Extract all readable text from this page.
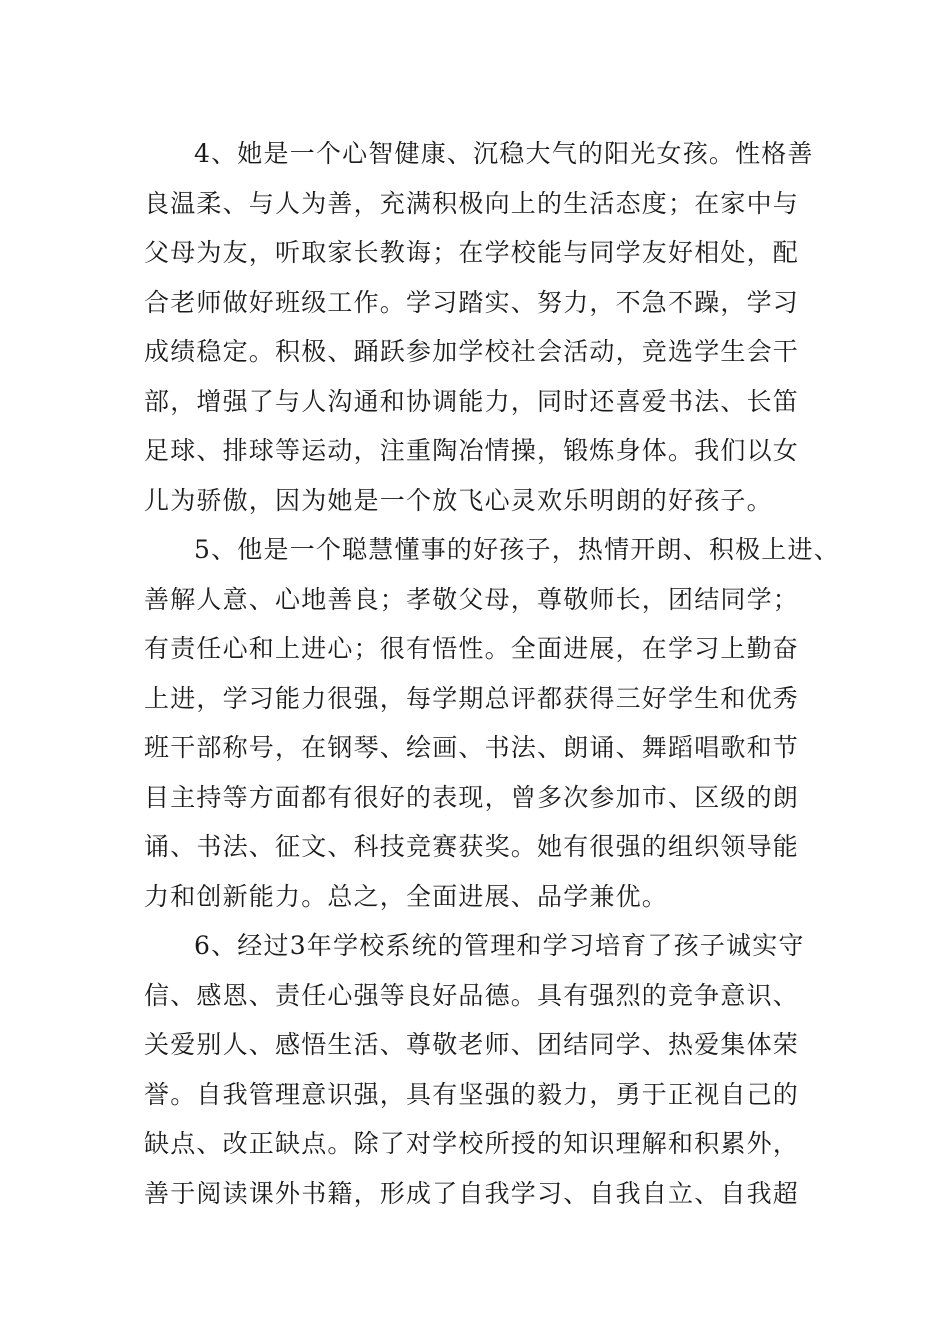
4、她是一个心智健康、沉稳大气的阳光女孩。性格善
良温柔、与人为善，充满积极向上的生活态度；在家中与
父母为友，听取家长教诲；在学校能与同学友好相处，配
合老师做好班级工作。学习踏实、努力，不急不躁，学习
成绩稳定。积极、踊跃参加学校社会活动，竞选学生会干
部，增强了与人沟通和协调能力，同时还喜爱书法、长笛
足球、排球等运动，注重陶冶情操，锻炼身体。我们以女
儿为骄傲，因为她是一个放飞心灵欢乐明朗的好孩子。
5、他是一个聪慧懂事的好孩子，热情开朗、积极上进、
善解人意、心地善良；孝敬父母，尊敬师长，团结同学；
有责任心和上进心；很有悟性。全面进展，在学习上勤奋
上进，学习能力很强，每学期总评都获得三好学生和优秀
班干部称号，在钢琴、绘画、书法、朗诵、舞蹈唱歌和节
目主持等方面都有很好的表现，曾多次参加市、区级的朗
诵、书法、征文、科技竞赛获奖。她有很强的组织领导能
力和创新能力。总之，全面进展、品学兼优。
6、经过3年学校系统的管理和学习培育了孩子诚实守
信、感恩、责任心强等良好品德。具有强烈的竞争意识、
关爱别人、感悟生活、尊敬老师、团结同学、热爱集体荣
誉。自我管理意识强，具有坚强的毅力，勇于正视自己的
缺点、改正缺点。除了对学校所授的知识理解和积累外，
善于阅读课外书籍，形成了自我学习、自我自立、自我超
